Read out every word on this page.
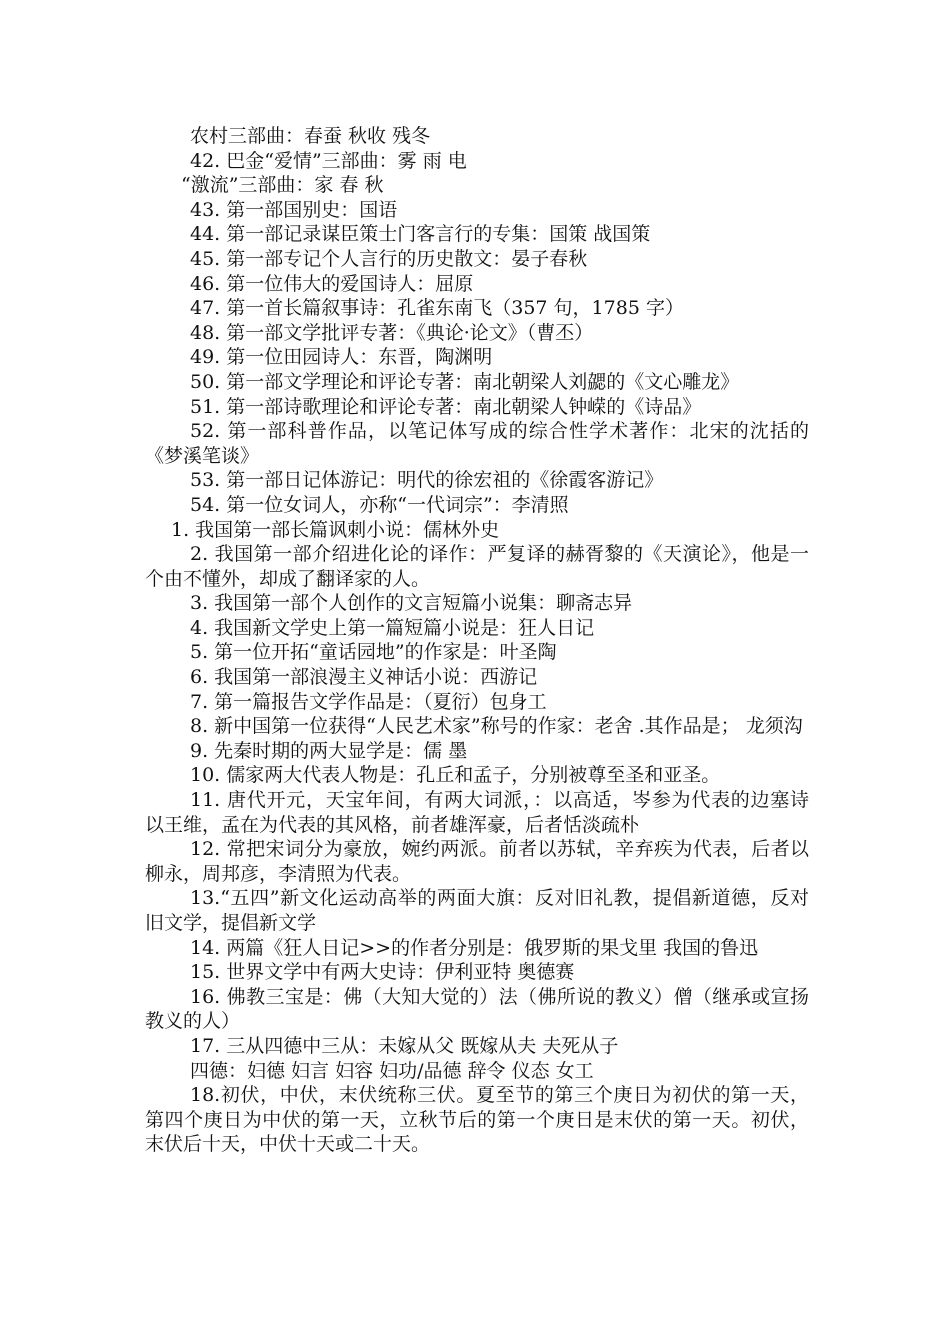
农村三部曲：春蚕 秋收 残冬

42. 巴金“爱情”三部曲：雾 雨 电

“激流”三部曲：家 春 秋

43. 第一部国别史：国语

44. 第一部记录谋臣策士门客言行的专集：国策 战国策

45. 第一部专记个人言行的历史散文：晏子春秋

46. 第一位伟大的爱国诗人：屈原

47. 第一首长篇叙事诗：孔雀东南飞（357 句，1785 字）

48. 第一部文学批评专著：《典论·论文》（曹丕）

49. 第一位田园诗人：东晋，陶渊明

50. 第一部文学理论和评论专著：南北朝梁人刘勰的《文心雕龙》

51. 第一部诗歌理论和评论专著：南北朝梁人钟嵘的《诗品》

52. 第一部科普作品，以笔记体写成的综合性学术著作：北宋的沈括的《梦溪笔谈》

53. 第一部日记体游记：明代的徐宏祖的《徐霞客游记》

54. 第一位女词人，亦称“一代词宗”：李清照

1. 我国第一部长篇讽刺小说：儒林外史

2. 我国第一部介绍进化论的译作：严复译的赫胥黎的《天演论》，他是一个由不懂外，却成了翻译家的人。

3. 我国第一部个人创作的文言短篇小说集：聊斋志异

4. 我国新文学史上第一篇短篇小说是：狂人日记

5. 第一位开拓“童话园地”的作家是：叶圣陶

6. 我国第一部浪漫主义神话小说：西游记

7. 第一篇报告文学作品是：（夏衍）包身工

8. 新中国第一位获得“人民艺术家”称号的作家：老舍 .其作品是； 龙须沟

9. 先秦时期的两大显学是：儒 墨

10. 儒家两大代表人物是：孔丘和孟子，分别被尊至圣和亚圣。

11. 唐代开元，天宝年间，有两大词派，：以高适，岑参为代表的边塞诗 以王维，孟在为代表的其风格，前者雄浑豪，后者恬淡疏朴

12. 常把宋词分为豪放，婉约两派。前者以苏轼，辛弃疾为代表，后者以柳永，周邦彦，李清照为代表。

13.“五四”新文化运动高举的两面大旗：反对旧礼教，提倡新道德，反对旧文学，提倡新文学

14. 两篇《狂人日记>>的作者分别是：俄罗斯的果戈里 我国的鲁迅

15. 世界文学中有两大史诗：伊利亚特 奥德赛

16. 佛教三宝是：佛（大知大觉的）法（佛所说的教义）僧（继承或宣扬教义的人）

17. 三从四德中三从：未嫁从父 既嫁从夫 夫死从子

四德：妇德 妇言 妇容 妇功/品德 辞令 仪态 女工

18.初伏，中伏，末伏统称三伏。夏至节的第三个庚日为初伏的第一天，第四个庚日为中伏的第一天，立秋节后的第一个庚日是末伏的第一天。初伏，末伏后十天，中伏十天或二十天。
